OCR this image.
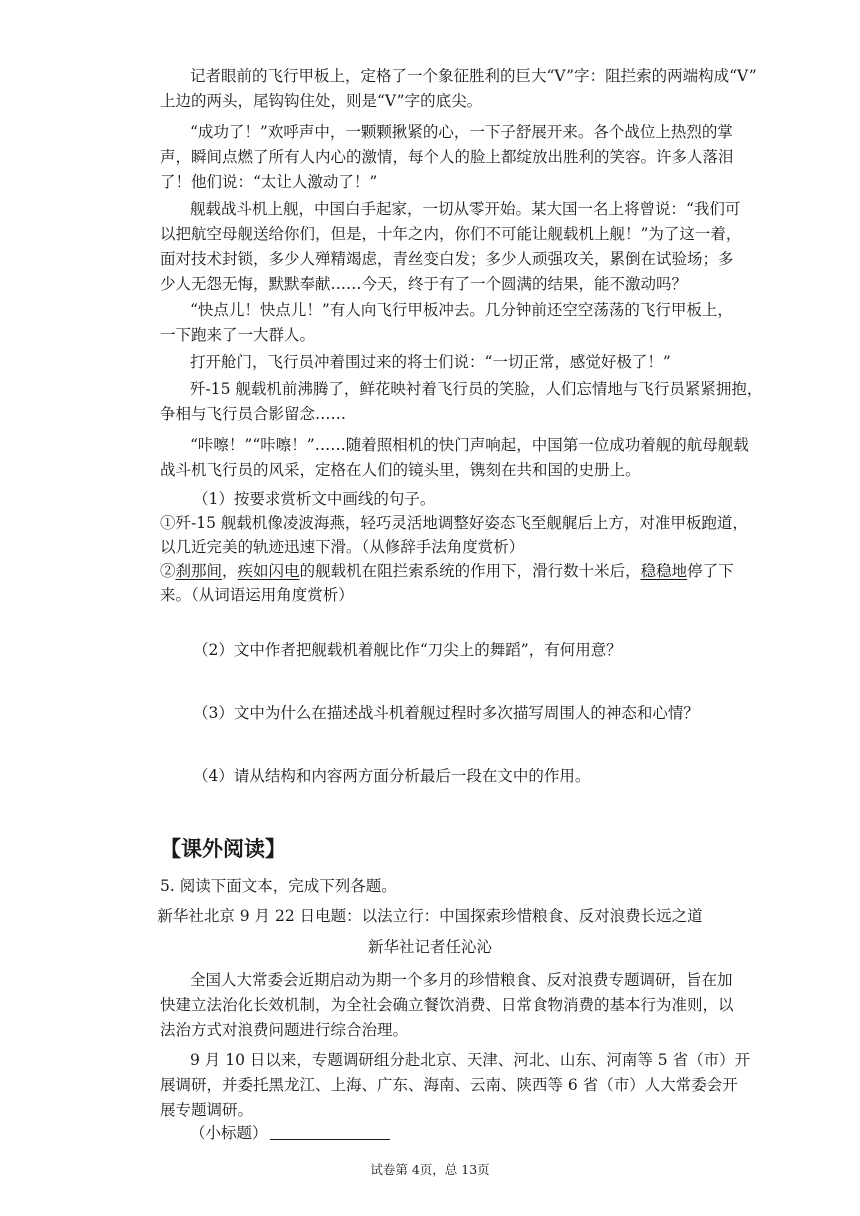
记者眼前的飞行甲板上，定格了一个象征胜利的巨大“V”字：阻拦索的两端构成“V”
上边的两头，尾钩钩住处，则是“V”字的底尖。
“成功了！”欢呼声中，一颗颗揪紧的心，一下子舒展开来。各个战位上热烈的掌
声，瞬间点燃了所有人内心的激情，每个人的脸上都绽放出胜利的笑容。许多人落泪
了！他们说：“太让人激动了！”
舰载战斗机上舰，中国白手起家，一切从零开始。某大国一名上将曾说：“我们可
以把航空母舰送给你们，但是，十年之内，你们不可能让舰载机上舰！”为了这一着，
面对技术封锁，多少人殚精竭虑，青丝变白发；多少人顽强攻关，累倒在试验场；多
少人无怨无悔，默默奉献……今天，终于有了一个圆满的结果，能不激动吗？
“快点儿！快点儿！”有人向飞行甲板冲去。几分钟前还空空荡荡的飞行甲板上，
一下跑来了一大群人。
打开舱门，飞行员冲着围过来的将士们说：“一切正常，感觉好极了！”
歼-15 舰载机前沸腾了，鲜花映衬着飞行员的笑脸，人们忘情地与飞行员紧紧拥抱，
争相与飞行员合影留念……
“咔嚓！”“咔嚓！”……随着照相机的快门声响起，中国第一位成功着舰的航母舰载
战斗机飞行员的风采，定格在人们的镜头里，镌刻在共和国的史册上。
（1）按要求赏析文中画线的句子。
①歼-15 舰载机像凌波海燕，轻巧灵活地调整好姿态飞至舰艉后上方，对准甲板跑道，
以几近完美的轨迹迅速下滑。（从修辞手法角度赏析）
②刹那间，疾如闪电的舰载机在阻拦索系统的作用下，滑行数十米后，稳稳地停了下
来。（从词语运用角度赏析）
（2）文中作者把舰载机着舰比作“刀尖上的舞蹈”，有何用意？
（3）文中为什么在描述战斗机着舰过程时多次描写周围人的神态和心情？
（4）请从结构和内容两方面分析最后一段在文中的作用。
【课外阅读】
5. 阅读下面文本，完成下列各题。
新华社北京 9 月 22 日电题：以法立行：中国探索珍惜粮食、反对浪费长远之道
新华社记者任沁沁
全国人大常委会近期启动为期一个多月的珍惜粮食、反对浪费专题调研，旨在加
快建立法治化长效机制，为全社会确立餐饮消费、日常食物消费的基本行为准则，以
法治方式对浪费问题进行综合治理。
9 月 10 日以来，专题调研组分赴北京、天津、河北、山东、河南等 5 省（市）开
展调研，并委托黑龙江、上海、广东、海南、云南、陕西等 6 省（市）人大常委会开
展专题调研。
（小标题）
试卷第 4页，总 13页
